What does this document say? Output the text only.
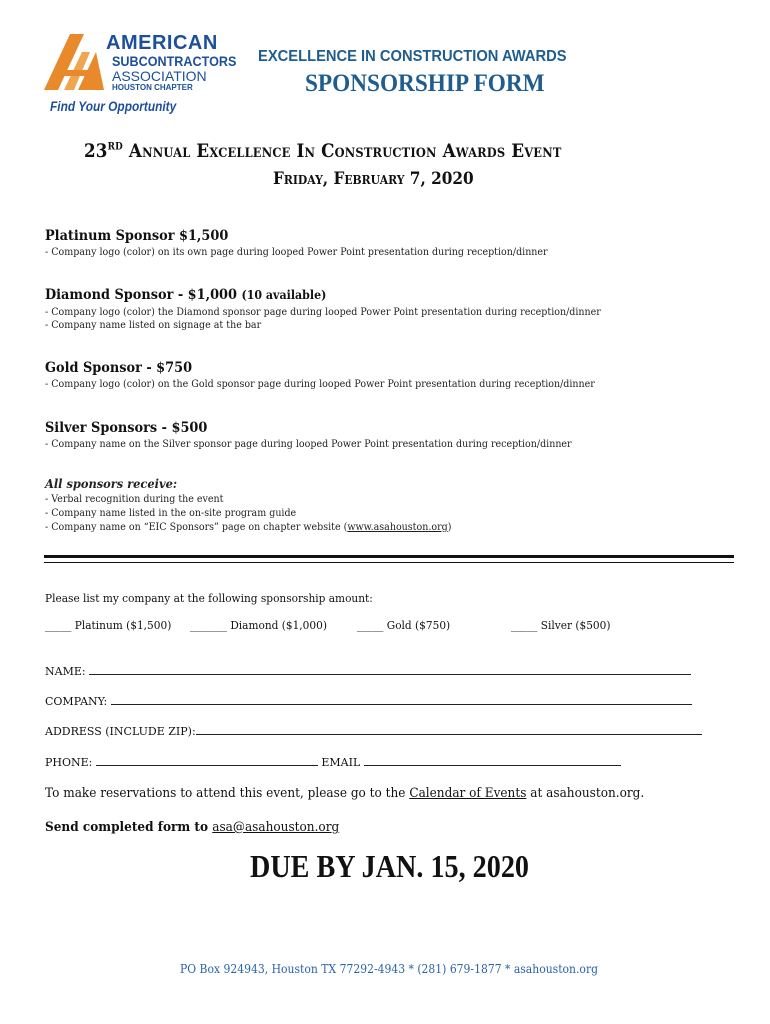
AMERICAN
SUBCONTRACTORS
ASSOCIATION
HOUSTON CHAPTER
Find Your Opportunity
EXCELLENCE IN CONSTRUCTION AWARDS
SPONSORSHIP FORM
23RD Annual Excellence In Construction Awards Event
Friday, February 7, 2020
Platinum Sponsor $1,500
- Company logo (color) on its own page during looped Power Point presentation during reception/dinner
Diamond Sponsor - $1,000 (10 available)
- Company logo (color) the Diamond sponsor page during looped Power Point presentation during reception/dinner
- Company name listed on signage at the bar
Gold Sponsor - $750
- Company logo (color) on the Gold sponsor page during looped Power Point presentation during reception/dinner
Silver Sponsors - $500
- Company name on the Silver sponsor page during looped Power Point presentation during reception/dinner
All sponsors receive:
- Verbal recognition during the event
- Company name listed in the on-site program guide
- Company name on “EIC Sponsors” page on chapter website (www.asahouston.org)
Please list my company at the following sponsorship amount:
_____ Platinum ($1,500) _______ Diamond ($1,000)	_____ Gold ($750)	_____ Silver ($500)
NAME:
COMPANY:
ADDRESS (INCLUDE ZIP):
PHONE:	EMAIL
To make reservations to attend this event, please go to the Calendar of Events at asahouston.org.
Send completed form to asa@asahouston.org
DUE BY JAN. 15, 2020
PO Box 924943, Houston TX 77292-4943 * (281) 679-1877 * asahouston.org
